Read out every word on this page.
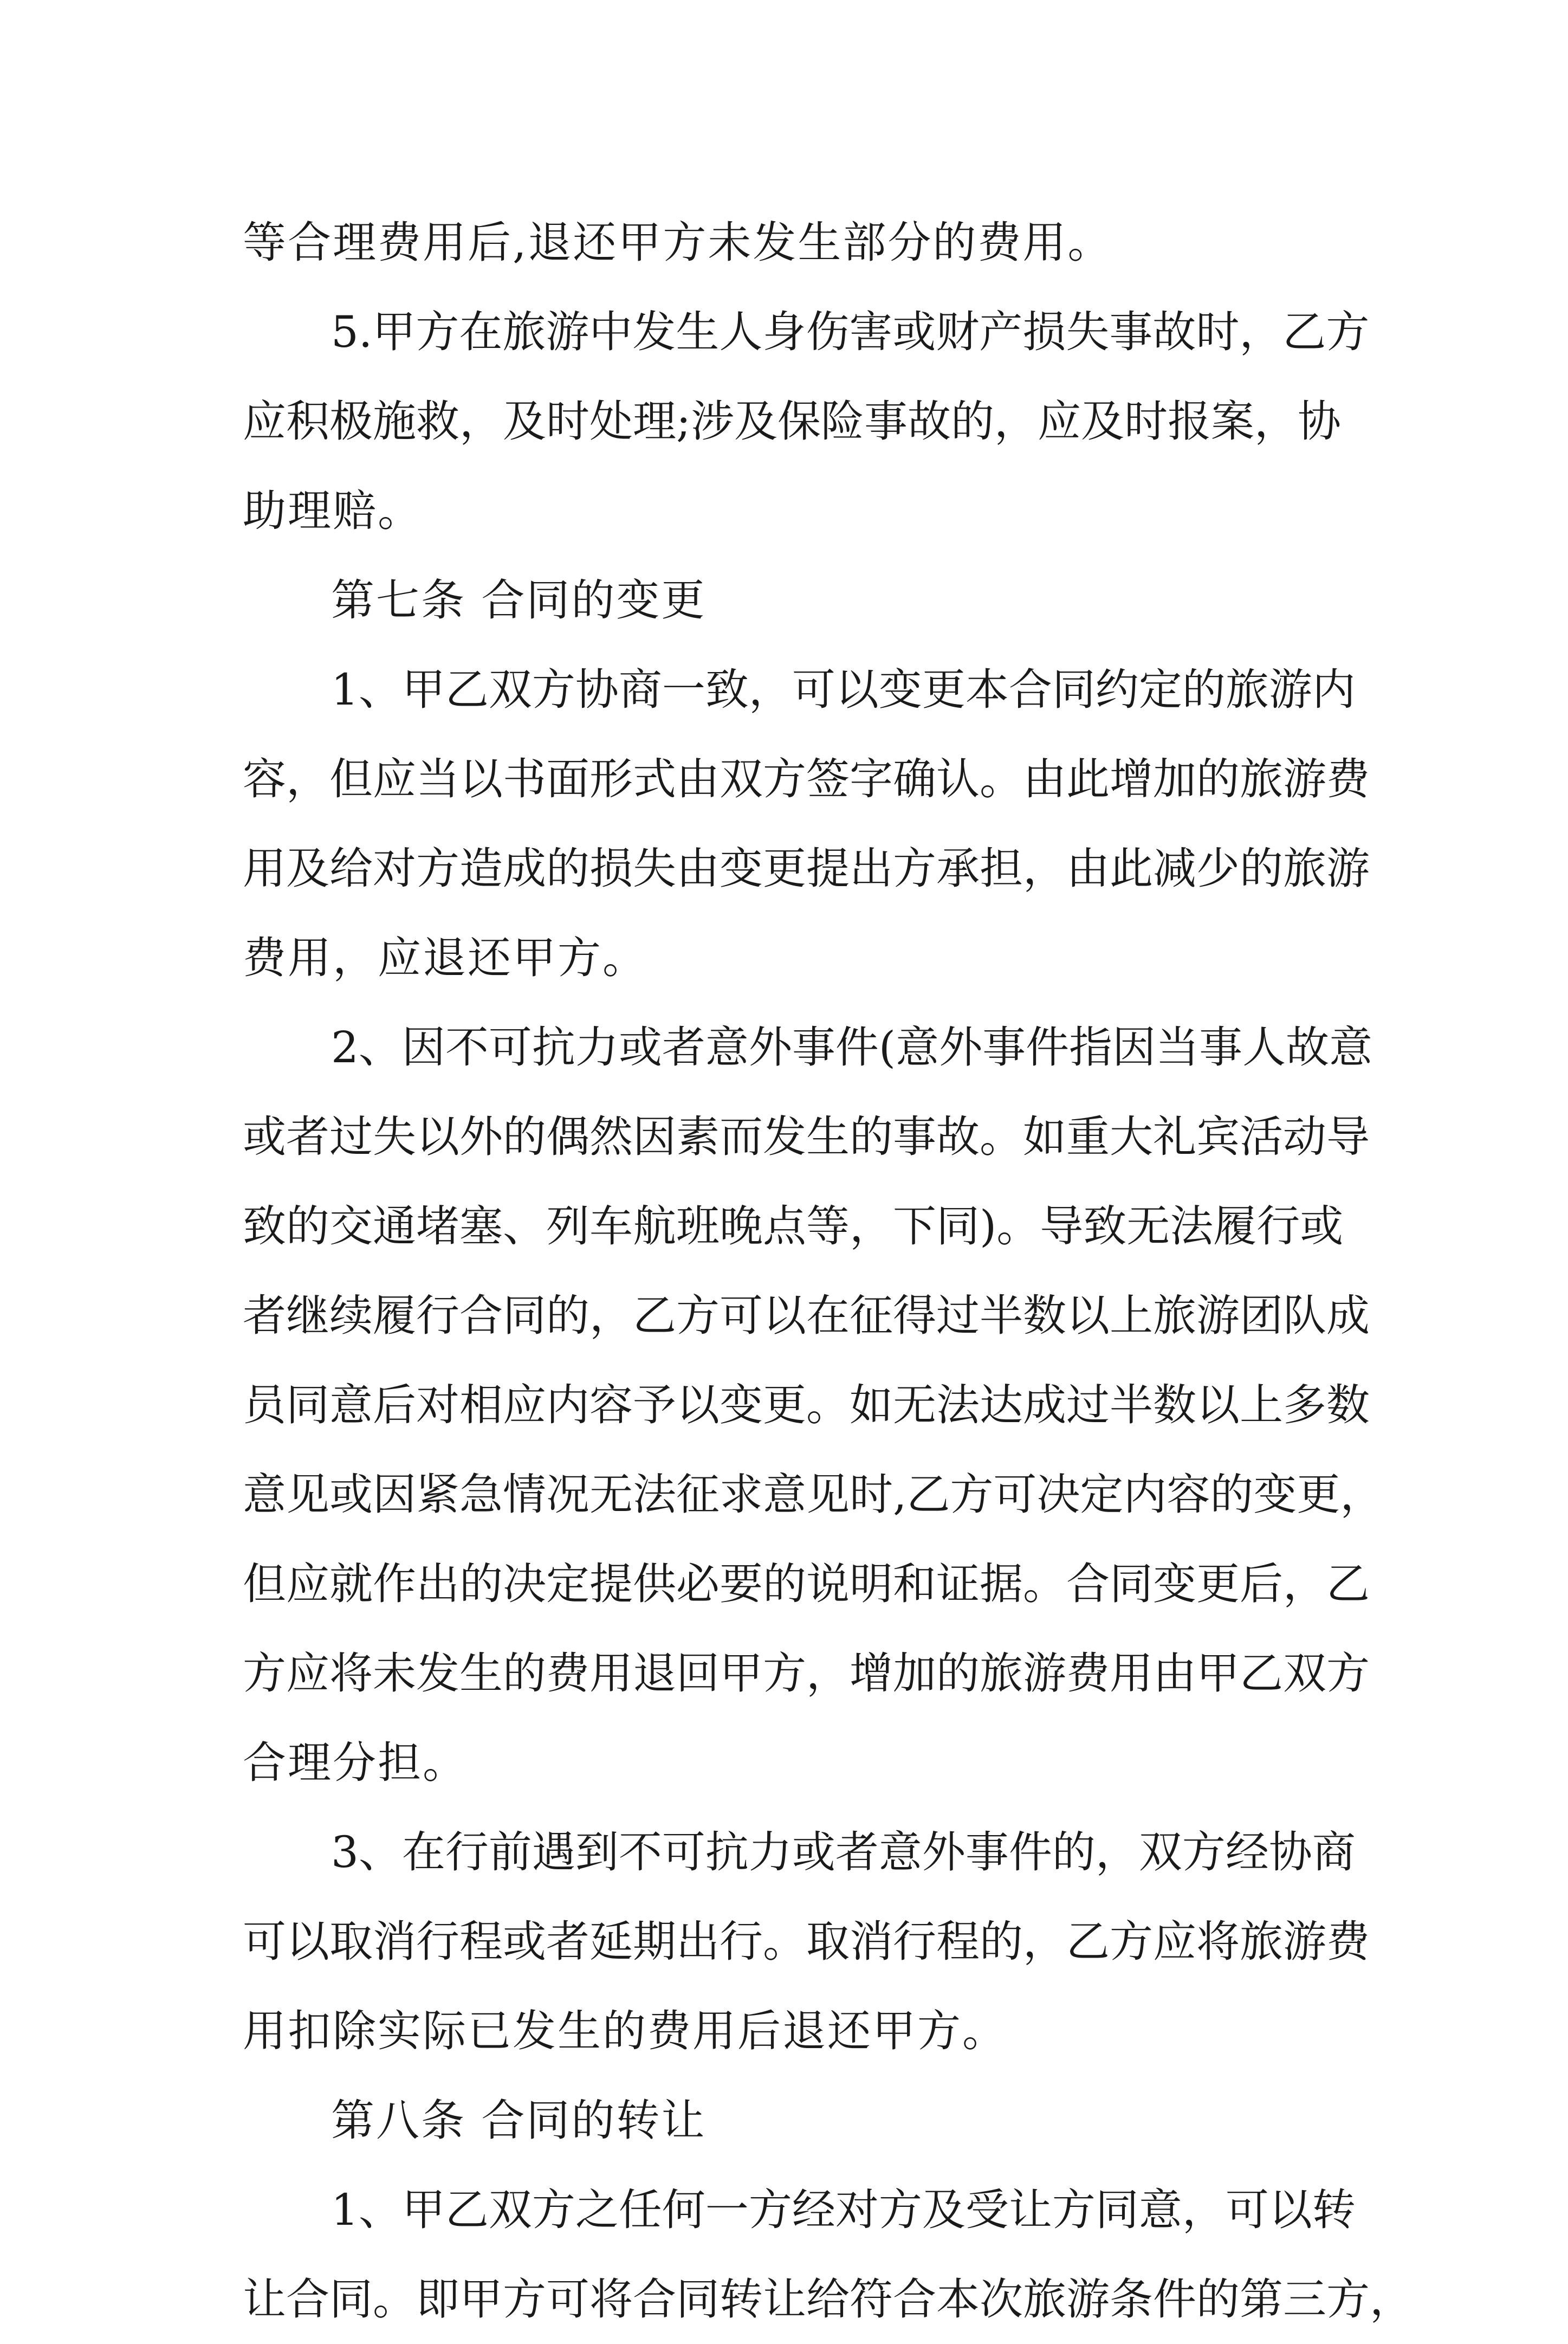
等合理费用后,退还甲方未发生部分的费用。
5.甲方在旅游中发生人身伤害或财产损失事故时，乙方
应积极施救，及时处理;涉及保险事故的，应及时报案，协
助理赔。
第七条 合同的变更
1、甲乙双方协商一致，可以变更本合同约定的旅游内
容，但应当以书面形式由双方签字确认。由此增加的旅游费
用及给对方造成的损失由变更提出方承担，由此减少的旅游
费用，应退还甲方。
2、因不可抗力或者意外事件(意外事件指因当事人故意
或者过失以外的偶然因素而发生的事故。如重大礼宾活动导
致的交通堵塞、列车航班晚点等，下同)。导致无法履行或
者继续履行合同的，乙方可以在征得过半数以上旅游团队成
员同意后对相应内容予以变更。如无法达成过半数以上多数
意见或因紧急情况无法征求意见时,乙方可决定内容的变更，
但应就作出的决定提供必要的说明和证据。合同变更后，乙
方应将未发生的费用退回甲方，增加的旅游费用由甲乙双方
合理分担。
3、在行前遇到不可抗力或者意外事件的，双方经协商
可以取消行程或者延期出行。取消行程的，乙方应将旅游费
用扣除实际已发生的费用后退还甲方。
第八条 合同的转让
1、甲乙双方之任何一方经对方及受让方同意，可以转
让合同。即甲方可将合同转让给符合本次旅游条件的第三方，
